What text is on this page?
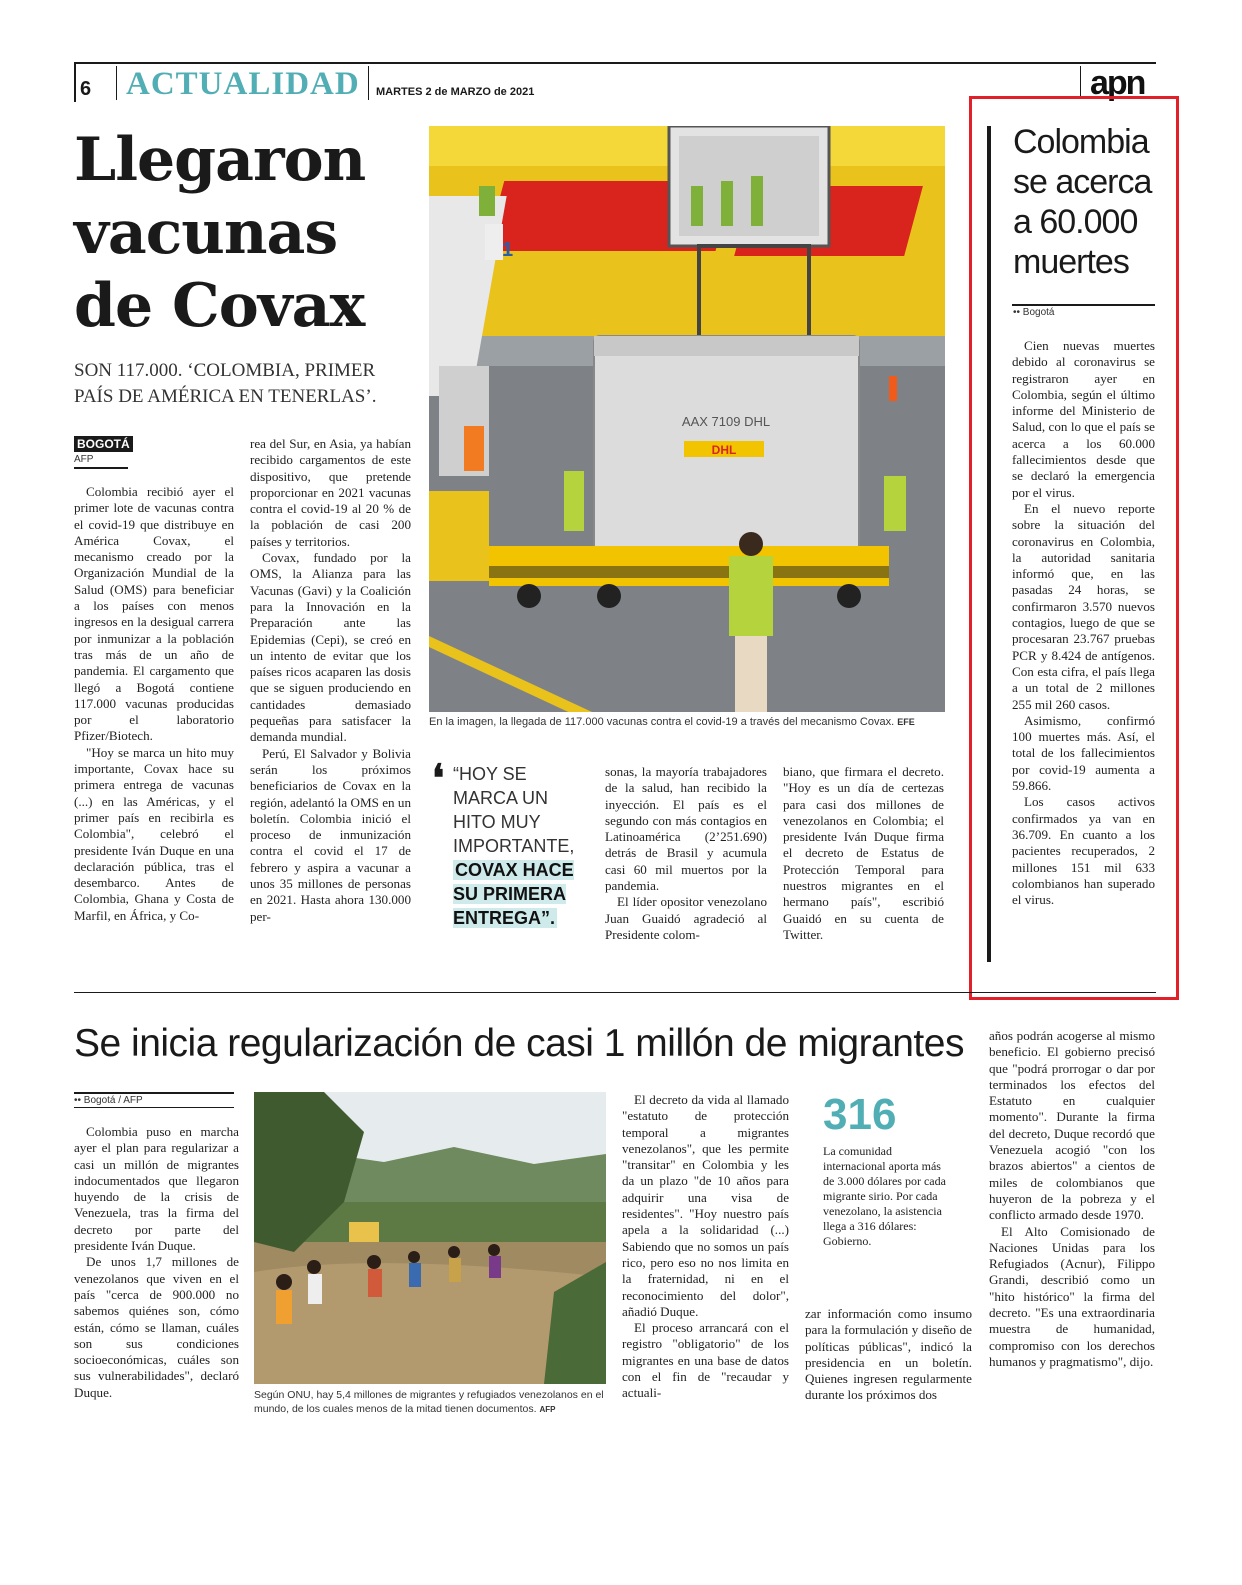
6 ACTUALIDAD MARTES 2 de MARZO de 2021	apn
Llegaron
vacunas
de Covax
SON 117.000. ‘COLOMBIA, PRIMER PAÍS DE AMÉRICA EN TENERLAS’.
BOGOTÁ
AFP

Colombia recibió ayer el primer lote de vacunas contra el covid-19 que distribuye en América Covax, el mecanismo creado por la Organización Mundial de la Salud (OMS) para beneficiar a los países con menos ingresos en la desigual carrera por inmunizar a la población tras más de un año de pandemia. El cargamento que llegó a Bogotá contiene 117.000 vacunas producidas por el laboratorio Pfizer/Biotech.

"Hoy se marca un hito muy importante, Covax hace su primera entrega de vacunas (...) en las Américas, y el primer país en recibirla es Colombia", celebró el presidente Iván Duque en una declaración pública, tras el desembarco. Antes de Colombia, Ghana y Costa de Marfil, en África, y Co-

rea del Sur, en Asia, ya habían recibido cargamentos de este dispositivo, que pretende proporcionar en 2021 vacunas contra el covid-19 al 20 % de la población de casi 200 países y territorios.

Covax, fundado por la OMS, la Alianza para las Vacunas (Gavi) y la Coalición para la Innovación en la Preparación ante las Epidemias (Cepi), se creó en un intento de evitar que los países ricos acaparen las dosis que se siguen produciendo en cantidades demasiado pequeñas para satisfacer la demanda mundial.

Perú, El Salvador y Bolivia serán los próximos beneficiarios de Covax en la región, adelantó la OMS en un boletín. Colombia inició el proceso de inmunización contra el covid el 17 de febrero y aspira a vacunar a unos 35 millones de personas en 2021. Hasta ahora 130.000 per-

AAX 7109 DHL
DHL
1
En la imagen, la llegada de 117.000 vacunas contra el covid-19 a través del mecanismo Covax. EFE
❛ “HOY SE MARCA UN HITO MUY IMPORTANTE, COVAX HACE SU PRIMERA ENTREGA”.

sonas, la mayoría trabajadores de la salud, han recibido la inyección. El país es el segundo con más contagios en Latinoamérica (2’251.690) detrás de Brasil y acumula casi 60 mil muertos por la pandemia.

El líder opositor venezolano Juan Guaidó agradeció al Presidente colom-

biano, que firmara el decreto. "Hoy es un día de certezas para casi dos millones de venezolanos en Colombia; el presidente Iván Duque firma el decreto de Estatus de Protección Temporal para nuestros migrantes en el hermano país", escribió Guaidó en su cuenta de Twitter.

Colombia se acerca a 60.000 muertes
•• Bogotá

Cien nuevas muertes debido al coronavirus se registraron ayer en Colombia, según el último informe del Ministerio de Salud, con lo que el país se acerca a los 60.000 fallecimientos desde que se declaró la emergencia por el virus.

En el nuevo reporte sobre la situación del coronavirus en Colombia, la autoridad sanitaria informó que, en las pasadas 24 horas, se confirmaron 3.570 nuevos contagios, luego de que se procesaran 23.767 pruebas PCR y 8.424 de antígenos. Con esta cifra, el país llega a un total de 2 millones 255 mil 260 casos.

Asimismo, confirmó 100 muertes más. Así, el total de los fallecimientos por covid-19 aumenta a 59.866.

Los casos activos confirmados ya van en 36.709. En cuanto a los pacientes recuperados, 2 millones 151 mil 633 colombianos han superado el virus.

Se inicia regularización de casi 1 millón de migrantes
•• Bogotá / AFP

Colombia puso en marcha ayer el plan para regularizar a casi un millón de migrantes indocumentados que llegaron huyendo de la crisis de Venezuela, tras la firma del decreto por parte del presidente Iván Duque.

De unos 1,7 millones de venezolanos que viven en el país "cerca de 900.000 no sabemos quiénes son, cómo están, cómo se llaman, cuáles son sus condiciones socioeconómicas, cuáles son sus vulnerabilidades", declaró Duque.	Según ONU, hay 5,4 millones de migrantes y refugiados venezolanos en el mundo, de los cuales menos de la mitad tienen documentos. AFP

El decreto da vida al llamado "estatuto de protección temporal a migrantes venezolanos", que les permite "transitar" en Colombia y les da un plazo "de 10 años para adquirir una visa de residentes". "Hoy nuestro país apela a la solidaridad (...) Sabiendo que no somos un país rico, pero eso no nos limita en la fraternidad, ni en el reconocimiento del dolor", añadió Duque.

El proceso arrancará con el registro "obligatorio" de los migrantes en una base de datos con el fin de "recaudar y actuali-

316
La comunidad internacional aporta más de 3.000 dólares por cada migrante sirio. Por cada venezolano, la asistencia llega a 316 dólares: Gobierno.

zar información como insumo para la formulación y diseño de políticas públicas", indicó la presidencia en un boletín. Quienes ingresen regularmente durante los próximos dos

años podrán acogerse al mismo beneficio. El gobierno precisó que "podrá prorrogar o dar por terminados los efectos del Estatuto en cualquier momento". Durante la firma del decreto, Duque recordó que Venezuela acogió "con los brazos abiertos" a cientos de miles de colombianos que huyeron de la pobreza y el conflicto armado desde 1970.

El Alto Comisionado de Naciones Unidas para los Refugiados (Acnur), Filippo Grandi, describió como un "hito histórico" la firma del decreto. "Es una extraordinaria muestra de humanidad, compromiso con los derechos humanos y pragmatismo", dijo.
